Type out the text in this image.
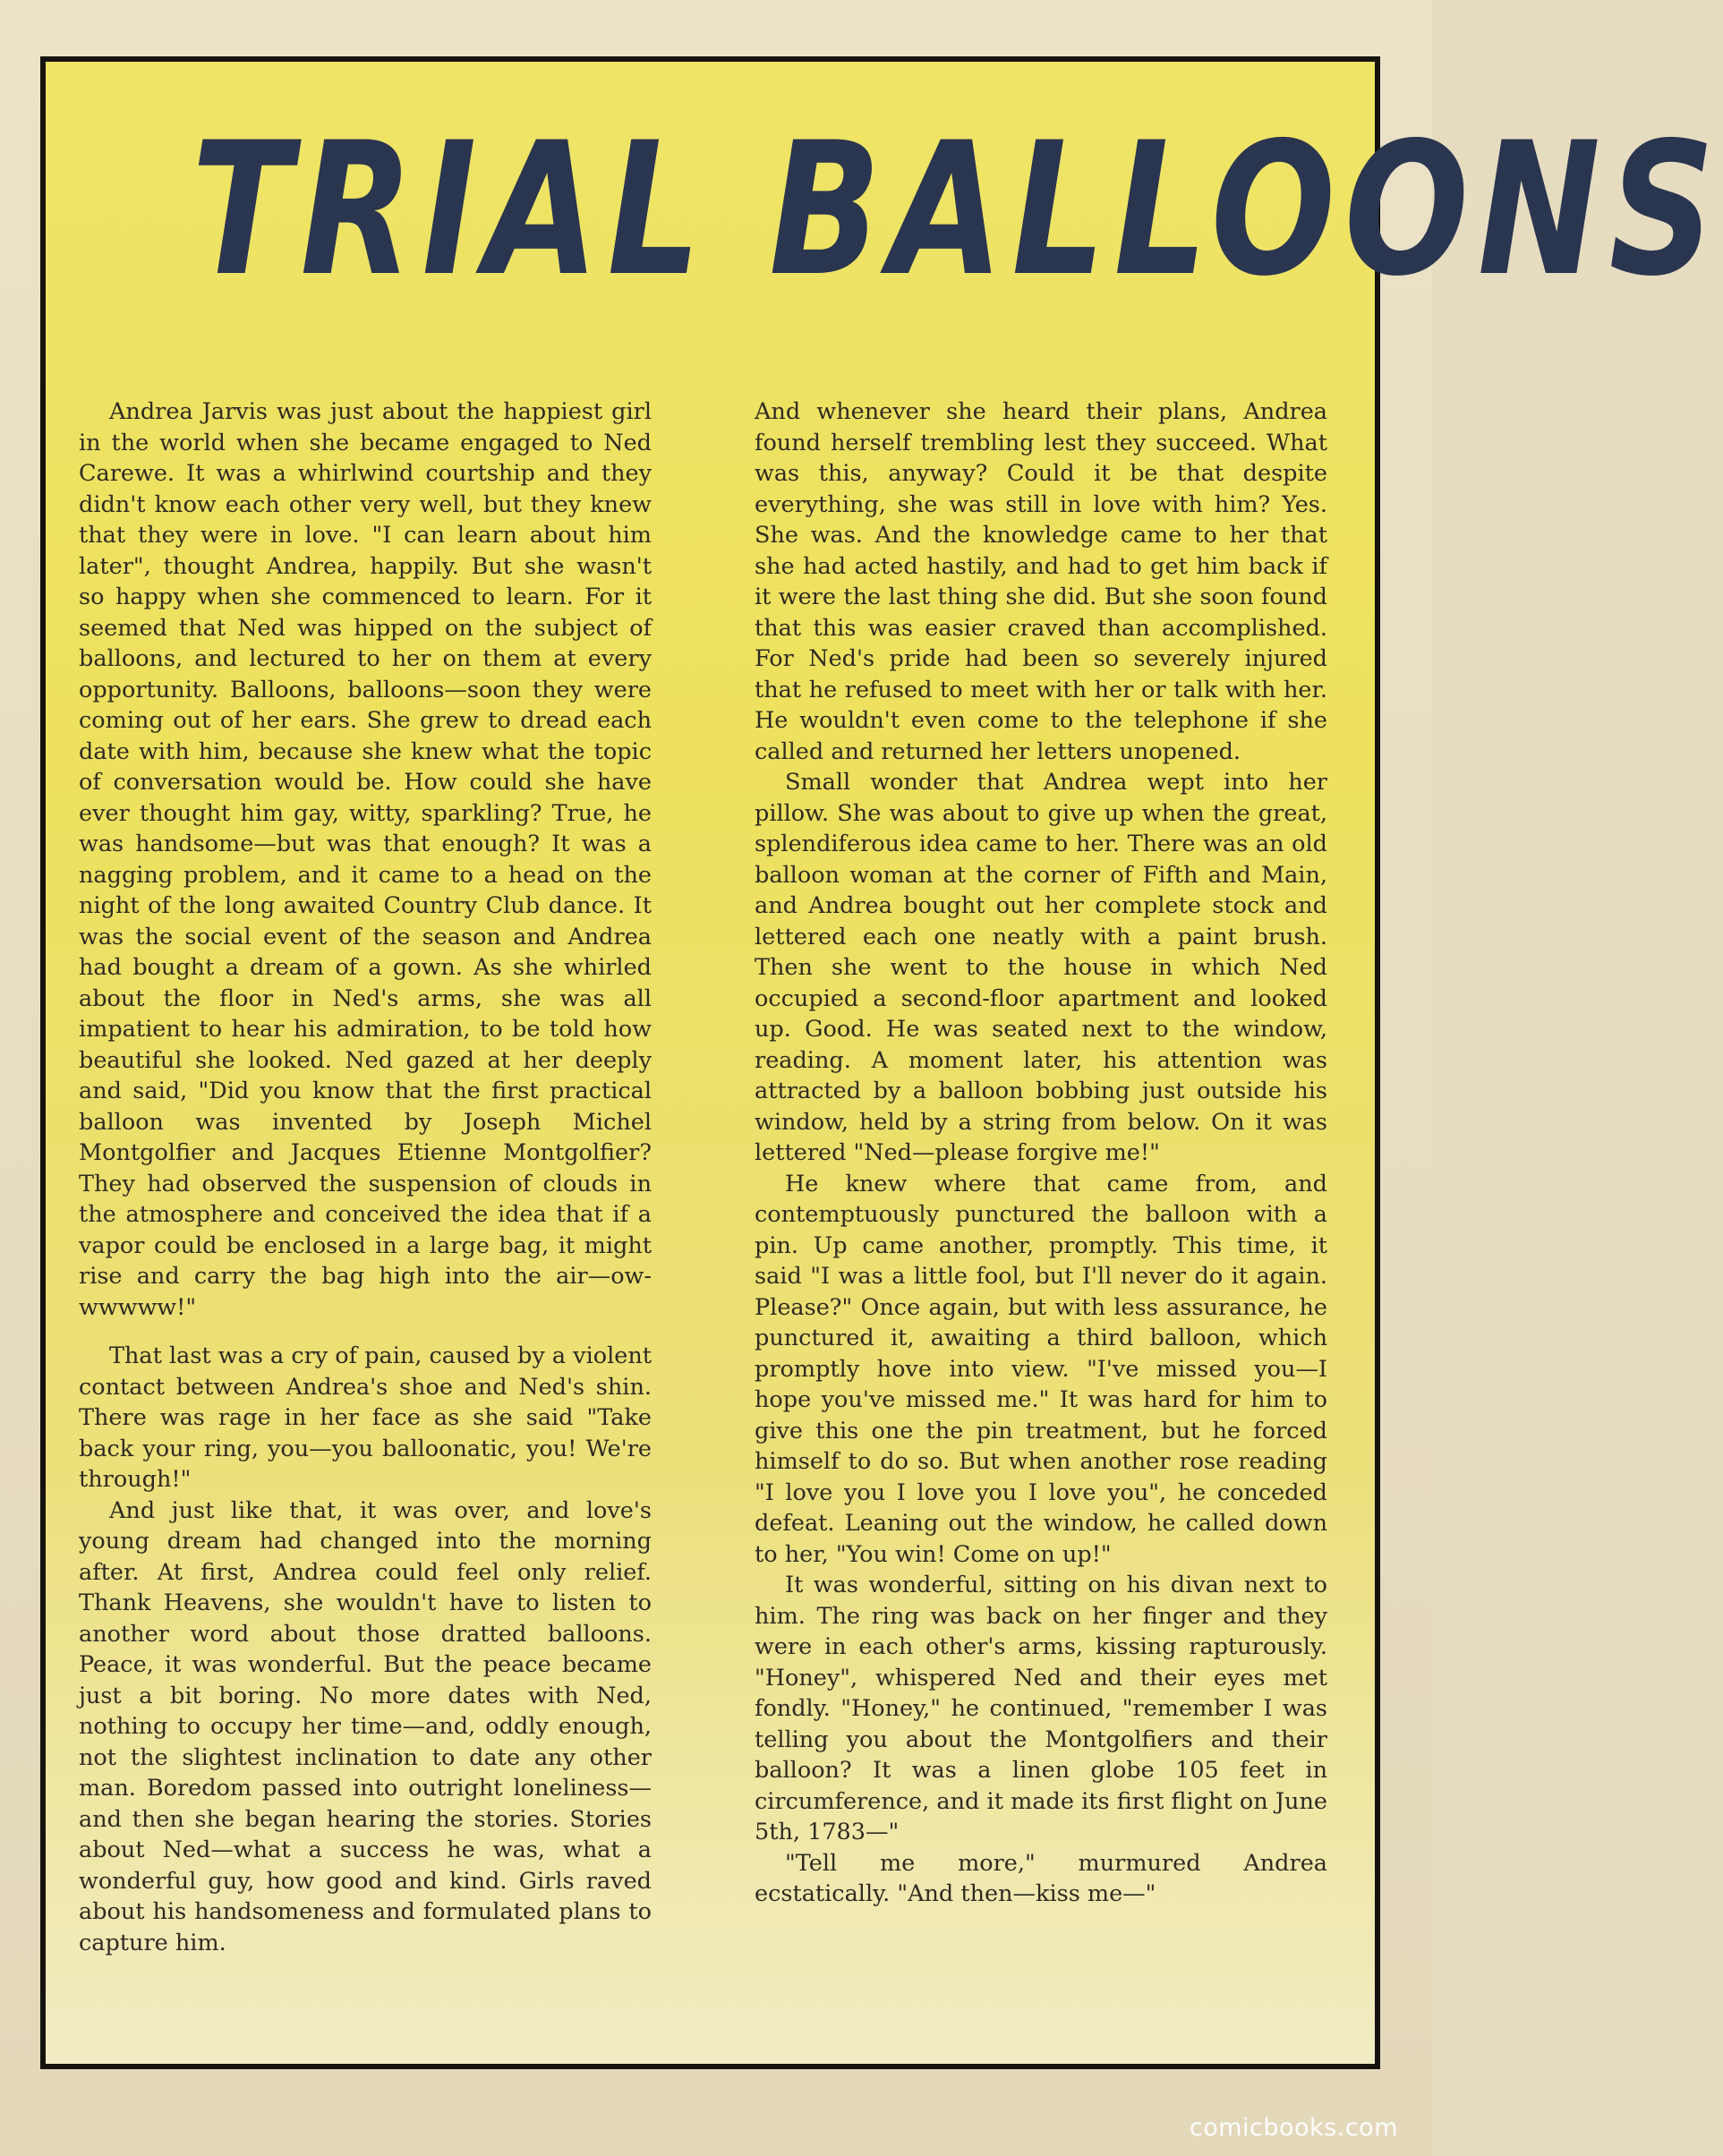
TRIAL BALLOONS

Andrea Jarvis was just about the happiest girl in the world when she became engaged to Ned Carewe. It was a whirlwind courtship and they didn't know each other very well, but they knew that they were in love. "I can learn about him later", thought Andrea, happily. But she wasn't so happy when she commenced to learn. For it seemed that Ned was hipped on the subject of balloons, and lectured to her on them at every opportunity. Balloons, balloons—soon they were coming out of her ears. She grew to dread each date with him, because she knew what the topic of conversation would be. How could she have ever thought him gay, witty, sparkling? True, he was handsome—but was that enough? It was a nagging problem, and it came to a head on the night of the long awaited Country Club dance. It was the social event of the season and Andrea had bought a dream of a gown. As she whirled about the floor in Ned's arms, she was all impatient to hear his admiration, to be told how beautiful she looked. Ned gazed at her deeply and said, "Did you know that the first practical balloon was invented by Joseph Michel Montgolfier and Jacques Etienne Montgolfier? They had observed the suspension of clouds in the atmosphere and conceived the idea that if a vapor could be enclosed in a large bag, it might rise and carry the bag high into the air—ow-wwwww!"

That last was a cry of pain, caused by a violent contact between Andrea's shoe and Ned's shin. There was rage in her face as she said "Take back your ring, you—you balloonatic, you! We're through!"

And just like that, it was over, and love's young dream had changed into the morning after. At first, Andrea could feel only relief. Thank Heavens, she wouldn't have to listen to another word about those dratted balloons. Peace, it was wonderful. But the peace became just a bit boring. No more dates with Ned, nothing to occupy her time—and, oddly enough, not the slightest inclination to date any other man. Boredom passed into outright loneliness—and then she began hearing the stories. Stories about Ned—what a success he was, what a wonderful guy, how good and kind. Girls raved about his handsomeness and formulated plans to capture him.

And whenever she heard their plans, Andrea found herself trembling lest they succeed. What was this, anyway? Could it be that despite everything, she was still in love with him? Yes. She was. And the knowledge came to her that she had acted hastily, and had to get him back if it were the last thing she did. But she soon found that this was easier craved than accomplished. For Ned's pride had been so severely injured that he refused to meet with her or talk with her. He wouldn't even come to the telephone if she called and returned her letters unopened.

Small wonder that Andrea wept into her pillow. She was about to give up when the great, splendiferous idea came to her. There was an old balloon woman at the corner of Fifth and Main, and Andrea bought out her complete stock and lettered each one neatly with a paint brush. Then she went to the house in which Ned occupied a second-floor apartment and looked up. Good. He was seated next to the window, reading. A moment later, his attention was attracted by a balloon bobbing just outside his window, held by a string from below. On it was lettered "Ned—please forgive me!"

He knew where that came from, and contemptuously punctured the balloon with a pin. Up came another, promptly. This time, it said "I was a little fool, but I'll never do it again. Please?" Once again, but with less assurance, he punctured it, awaiting a third balloon, which promptly hove into view. "I've missed you—I hope you've missed me." It was hard for him to give this one the pin treatment, but he forced himself to do so. But when another rose reading "I love you I love you I love you", he conceded defeat. Leaning out the window, he called down to her, "You win! Come on up!"

It was wonderful, sitting on his divan next to him. The ring was back on her finger and they were in each other's arms, kissing rapturously. "Honey", whispered Ned and their eyes met fondly. "Honey," he continued, "remember I was telling you about the Montgolfiers and their balloon? It was a linen globe 105 feet in circumference, and it made its first flight on June 5th, 1783—"

"Tell me more," murmured Andrea ecstatically. "And then—kiss me—"

comicbooks.com
